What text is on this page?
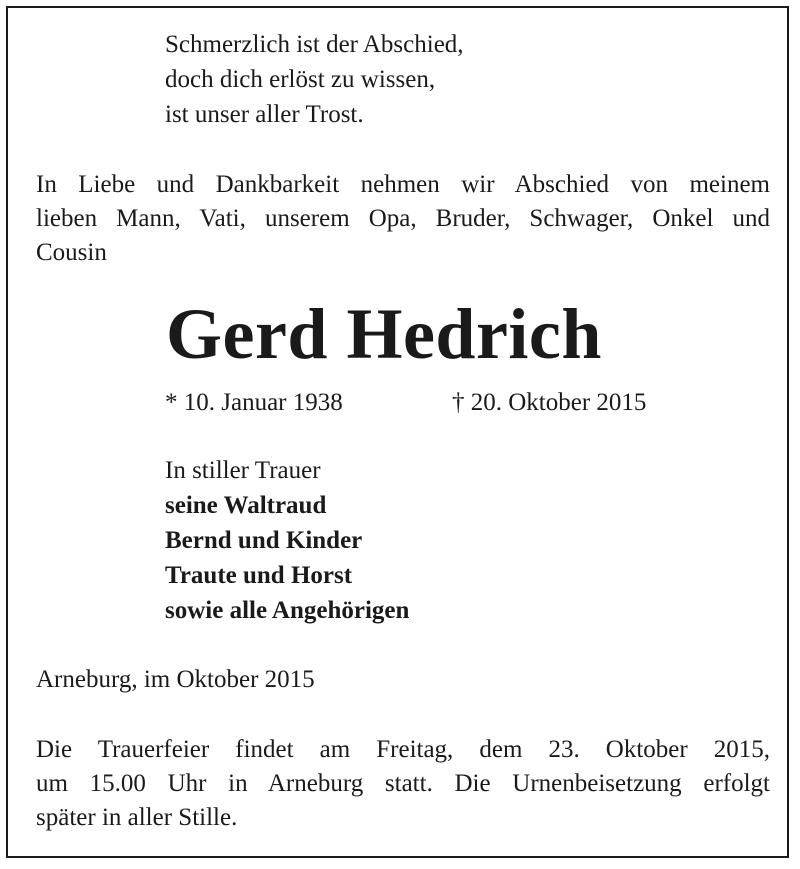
Schmerzlich ist der Abschied,
doch dich erlöst zu wissen,
ist unser aller Trost.
In Liebe und Dankbarkeit nehmen wir Abschied von meinem
lieben Mann, Vati, unserem Opa, Bruder, Schwager, Onkel und
Cousin
Gerd Hedrich
* 10. Januar 1938	† 20. Oktober 2015
In stiller Trauer
seine Waltraud
Bernd und Kinder
Traute und Horst
sowie alle Angehörigen
Arneburg, im Oktober 2015
Die Trauerfeier findet am Freitag, dem 23. Oktober 2015,
um 15.00 Uhr in Arneburg statt. Die Urnenbeisetzung erfolgt
später in aller Stille.
